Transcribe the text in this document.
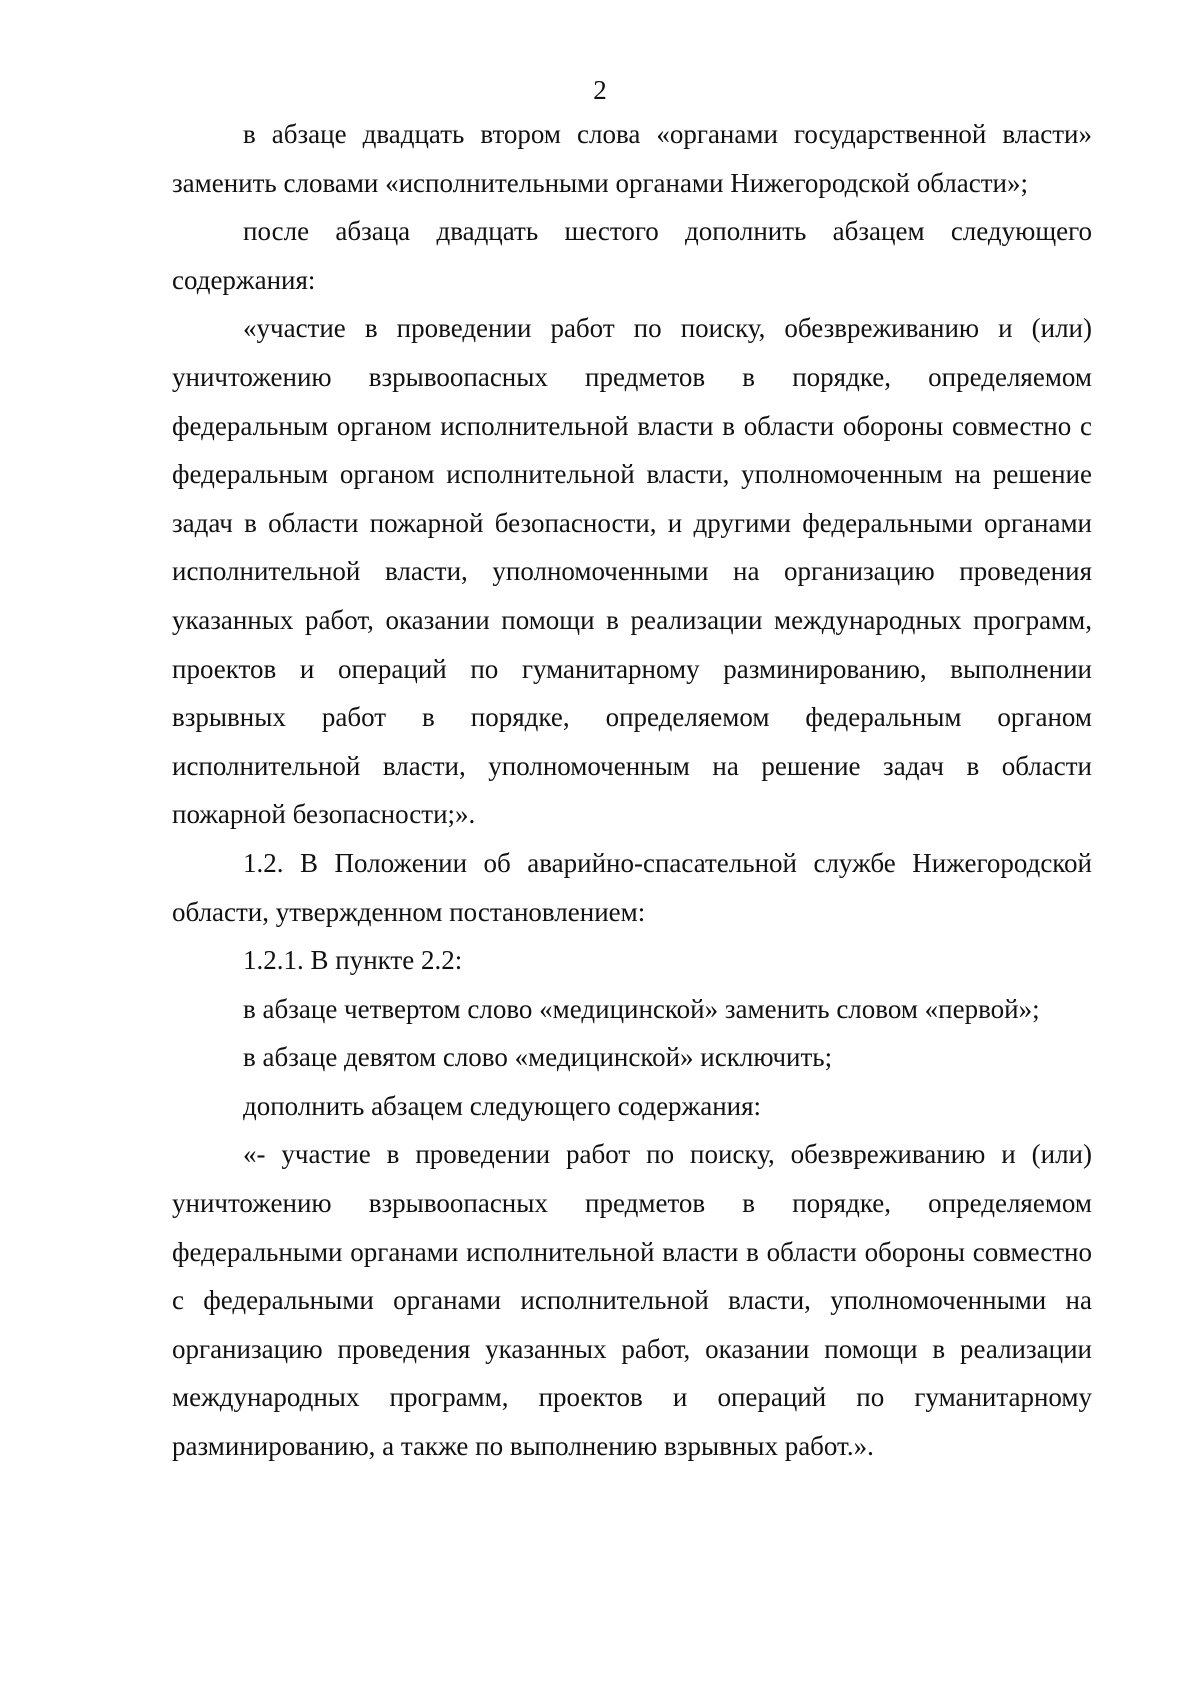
2

в абзаце двадцать втором слова «органами государственной власти» заменить словами «исполнительными органами Нижегородской области»;

после абзаца двадцать шестого дополнить абзацем следующего содержания:

«участие в проведении работ по поиску, обезвреживанию и (или) уничтожению взрывоопасных предметов в порядке, определяемом федеральным органом исполнительной власти в области обороны совместно с федеральным органом исполнительной власти, уполномоченным на решение задач в области пожарной безопасности, и другими федеральными органами исполнительной власти, уполномоченными на организацию проведения указанных работ, оказании помощи в реализации международных программ, проектов и операций по гуманитарному разминированию, выполнении взрывных работ в порядке, определяемом федеральным органом исполнительной власти, уполномоченным на решение задач в области пожарной безопасности;».

1.2. В Положении об аварийно-спасательной службе Нижегородской области, утвержденном постановлением:

1.2.1. В пункте 2.2:

в абзаце четвертом слово «медицинской» заменить словом «первой»;

в абзаце девятом слово «медицинской» исключить;

дополнить абзацем следующего содержания:

«- участие в проведении работ по поиску, обезвреживанию и (или) уничтожению взрывоопасных предметов в порядке, определяемом федеральными органами исполнительной власти в области обороны совместно с федеральными органами исполнительной власти, уполномоченными на организацию проведения указанных работ, оказании помощи в реализации международных программ, проектов и операций по гуманитарному разминированию, а также по выполнению взрывных работ.».
